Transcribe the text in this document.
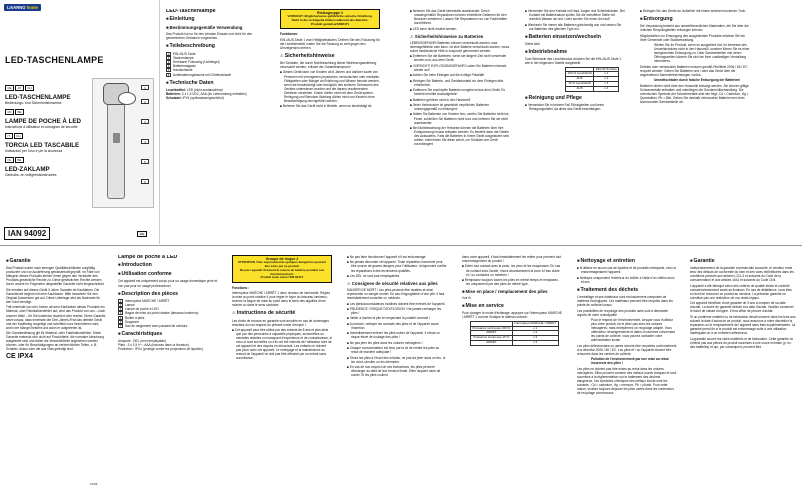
LIVARNO home
LED-TASCHENLAMPE
DE AT CH
LED-TASCHENLAMPE
Bedienungs- und Sicherheitshinweise
FR BE
LAMPE DE POCHE À LED
Instructions d'utilisation et consignes de sécurité
IT CH
TORCIA LED TASCABILE
Indicazioni per l'uso e per la sicurezza
NL BE
LED-ZAKLAMP
Gebruiks- en veiligheidsinstructies
1
2
3
4
5
6
IAN 94092	DE
LED-Taschenlampe
■Einleitung
■Bestimmungsgemäße Verwendung

Das Produkt ist nur für den privaten Einsatz und nicht für den gewerblichen Gebrauch vorgesehen.

■Teilebeschreibung
1 EIN-/AUS-Taste
2 Taschenlampe
3 Drehbarer Fokusring (Lichtkegel)
4 Batteriemagazin
5 Handschlaufe
6 Aufbewahrungstasche mit Gürtelschlaufe
■Technische Daten
Leuchtmittel: LED (nicht austauschbar)
Batterien: 3 x 1,5 VDC, AAA (im Lieferumfang enthalten)
Schutzart: IPX4 (spritzwassergeschützt)
Risikogruppe 2
VORSICHT: Möglicherweise gefährliche optische Strahlung.
Nicht in die Lichtquelle blicken während des Betriebs.
Produkt gemäß prEN62471

Funktionen:

EIN-/AUS-Taste 1 zwei Helligkeitsstufen. Drehen Sie den Fokusring für die Lichtintensität, indem Sie die Fassung so weit gegen den Uhrzeigersinn drehen.

⚠Sicherheitshinweise

Bei Schäden, die durch Nichtbeachtung dieser Bedienungsanleitung verursacht werden, erlischt der Garantieanspruch!

■ Dieses Gerät kann von Kindern ab 8 Jahren und darüber sowie von Personen mit verringerten physischen, sensorischen oder mentalen Fähigkeiten oder Mangel an Erfahrung und Wissen benutzt werden, wenn sie beaufsichtigt oder bezüglich des sicheren Gebrauchs des Gerätes unterwiesen wurden und die daraus resultierenden Gefahren verstehen. Kinder dürfen nicht mit dem Gerät spielen. Reinigung und Benutzer-Wartung dürfen nicht von Kindern ohne Beaufsichtigung durchgeführt werden.

■ Nehmen Sie das Gerät nicht in Betrieb, wenn es beschädigt ist.

■ Nehmen Sie das Gerät keinesfalls auseinander. Durch unsachgemäße Reparaturen können erhebliche Gefahren für den Benutzer entstehen. Lassen Sie Reparaturen nur von Fachkräften durchführen.

■ LED kann nicht ersetzt werden.

⚠Sicherheitshinweise zu Batterien

LEBENSGEFAHR! Batterien können verschluckt werden, was lebensgefährlich sein kann. Ist eine Batterie verschluckt worden, muss sofort medizinische Hilfe in Anspruch genommen werden.

■ Entfernen Sie die Batterien, wenn sie längere Zeit nicht verwendet wurden und, aus dem Gerät.

■ VORSICHT! EXPLOSIONSGEFAHR! Laden Sie Batterien niemals wieder auf!

■ Achten Sie beim Einlegen auf die richtige Polarität!

■ Reinigen Sie Batterie- und Gerätekontakt vor dem Einlegen falls erforderlich.

■ Entfernen Sie erschöpfte Batterien umgehend aus dem Gerät. Es besteht erhöhte Auslaufgefahr!

■ Batterien gehören nicht in den Hausmüll!

■ Jeder Verbraucher ist gesetzlich verpflichtet, Batterien ordnungsgemäß zu entsorgen!

■ Halten Sie Batterien von Kindern fern, werfen Sie Batterien nicht ins Feuer, schließen Sie Batterien nicht kurz und nehmen Sie sie nicht auseinander.

■ Bei Nichtbeachtung der Hinweise können die Batterien über ihre Endspannung hinaus entladen werden. Es besteht dann die Gefahr des Auslaufens. Falls die Batterien in Ihrem Gerät ausgelaufen sein sollten, entnehmen Sie diese sofort, um Schäden am Gerät vorzubeugen!

■ Vermeiden Sie den Kontakt mit Haut, Augen und Schleimhäuten. Bei Kontakt mit Batteriesäure spülen Sie die betroffene Stelle mit reichlich Wasser ab und / oder suchen Sie einen Arzt auf!

■ Wechseln Sie immer alle Batterien gleichzeitig aus und setzen Sie nur Batterien des gleichen Typs ein.

■Batterien einsetzen/wechseln

Siehe Abb.

■Inbetriebnahme

Zum Wechseln des Leuchtmodus drücken Sie die EIN-/AUS-Taste 1 wie in der folgenden Tabelle dargestellt:

	EIN-/AUS-Taste
100 % Leuchtkraft	x 1
AUS	x 2
15 % Leuchtkraft	x 3
AUS	x 4
■Reinigung und Pflege

■ Verwenden Sie in keinem Fall Flüssigkeiten und keine Reinigungsmittel, da diese das Gerät beschädigen.

■ Reinigen Sie das Gerät nur äußerlich mit einem weichen trockenen Tuch.

■Entsorgung

Die Verpackung besteht aus umweltfreundlichen Materialien, die Sie über die örtlichen Recyclingstellen entsorgen können.

Möglichkeiten zur Entsorgung des ausgedienten Produkts erfahren Sie bei Ihrer Gemeinde oder Stadtverwaltung.

Werfen Sie Ihr Produkt, wenn es ausgedient hat, im Interesse des Umweltschutzes nicht in den Hausmüll, sondern führen Sie es einer fachgerechten Entsorgung zu. Über Sammelstellen und deren Öffnungszeiten können Sie sich bei Ihrer zuständigen Verwaltung informieren.

Defekte oder verbrauchte Batterien müssen gemäß Richtlinie 2006 / 66 / EC recycelt werden. Geben Sie Batterien und / oder das Gerät über die angebotenen Sammeleinrichtungen zurück.

Umweltschäden durch falsche Entsorgung der Batterien!

Batterien dürfen nicht über den Hausmüll entsorgt werden. Sie können giftige Schwermetalle enthalten und unterliegen der Sondermüllbehandlung. Die chemischen Symbole der Schwermetalle sind wie folgt: Cd = Cadmium, Hg = Quecksilber, Pb = Blei. Geben Sie deshalb verbrauchte Batterien bei einer kommunalen Sammelstelle ab.

■Garantie

Das Produkt wurde nach strengen Qualitätsrichtlinien sorgfältig produziert und vor Auslieferung gewissenhaft geprüft. Im Falle von Mängeln dieses Produkts stehen Ihnen gegen den Verkäufer des Produkts gesetzliche Rechte zu. Diese gesetzlichen Rechte werden durch unsere im Folgenden dargestellte Garantie nicht eingeschränkt.

Sie erhalten auf dieses Gerät 3 Jahre Garantie ab Kaufdatum. Die Garantiezeit beginnt mit dem Kaufdatum. Bitte bewahren Sie den Original-Kassenbon gut auf. Diese Unterlage wird als Nachweis für den Kauf benötigt.

Tritt innerhalb von drei Jahren ab dem Kaufdatum dieses Produkts ein Material- oder Fabrikationsfehler auf, wird das Produkt von uns – nach unserer Wahl – für Sie kostenlos repariert oder ersetzt. Diese Garantie setzt voraus, dass innerhalb der Drei-Jahres-Frist das defekte Gerät und der Kaufbeleg vorgelegt und schriftlich kurz beschrieben wird, worin der Mangel besteht und wann er aufgetreten ist.

Die Garantieleistung gilt für Material- oder Fabrikationsfehler. Diese Garantie erstreckt sich nicht auf Produktteile, die normaler Abnutzung ausgesetzt sind und daher als Verschleißteile angesehen werden können, oder für Beschädigungen an zerbrechlichen Teilen, z. B. Schalter, Akkus oder die aus Glas gefertigt sind.

CE IPX4

Lampe de poche à LED
■Introduction
■Utilisation conforme

Cet appareil est uniquement conçu pour un usage domestique privé et non pas pour un usage professionnel.

■Description des pièces
1 Interrupteur MARCHE / ARRÊT
2 Lampe
3 Lampe de poche à LED
4 Bague de mise au point rotative (faisceau lumineux)
5 Boîtier à piles
6 Dragonne
7 Sac de rangement avec passant de ceinture
■Caractéristiques
Ampoule : DEL (non remplaçable)
Piles : 3 x 1,5 V⎓, AAA (incluses dans la livraison)
Protection : IPX4 (protégé contre les projections de liquides)
Groupe de risque 2
ATTENTION ! Des rayonnements optiques dangereux peuvent être émis par ce produit.
Ne pas regarder fixement la source de lumière pendant son fonctionnement.
Produit testé selon l'EN 62471

Fonctions :

Interrupteur MARCHE / ARRÊT 1 deux niveaux de luminosité. Réglez la mise au point rotative 4 pour régler le foyer du faisceau lumineux, tournez la bague de mise au point dans le sens des aiguilles d'une montre ou dans le sens contraire.

⚠Instructions de sécurité

Les droits de recours en garantie sont annulés en cas de dommages résultant du non-respect du présent mode d'emploi !

■ Cet appareil peut être utilisé par des enfants de 8 ans et plus ainsi que par des personnes à capacités physiques, sensorielles ou mentales réduites ou manquant d'expérience et de connaissance, si ceux-ci sont surveillés ou s'ils ont été instruits de l'utilisation sûre de cet appareil et des risques en découlant. Les enfants ne doivent pas jouer avec cet appareil. Le nettoyage et la maintenance du ressort de l'appareil ne doit pas être effectué par un enfant sans surveillance.

■ Ne pas faire fonctionner l'appareil s'il est endommagé.

■ Ne jamais démonter cet appareil. Toute réparation incorrecte peut être source de graves dangers pour l'utilisateur. Uniquement confier les réparations à des techniciens qualifiés.

■ Les DEL ne sont pas remplaçables.

⚠Consignes de sécurité relatives aux piles

DANGER DE MORT ! Les piles peuvent être avalées et ainsi représenter un danger mortel. En cas d'ingurgitation d'une pile, il faut immédiatement consulter un médecin.

■ Les piles/accumulateurs inutilisés doivent être enlevés de l'appareil.

■ PRUDENCE ! RISQUE D'EXPLOSION ! Ne jamais recharger les piles !

■ Veiller à insérer la pile en respectant la polarité correcte !

■ Au besoin, nettoyer les contacts des piles et de l'appareil avant l'insertion.

■ Immédiatement enlever les piles usées de l'appareil. Il existe un risque élevé de coulage des piles !

■ Ne pas jeter les piles dans les ordures ménagères !

■ Chaque consommateur est tenu par la loi de mettre les piles au rebut de manière adéquate !

■ Tenez les piles à l'écart des enfants, ne pas les jeter dans un feu, ni les court-circuiter ou les démonter.

■ En cas de non-respect de ces instructions, les piles peuvent décharger au-delà de leur tension finale. Elles risquent alors de couler. Si les piles coulent

dans votre appareil, il faut immédiatement les retirer pour prévenir tout endommagement du produit !

■ Éviter tout contact avec la peau, les yeux et les muqueuses. En cas de contact avec l'acide, rincez abondamment la zone à l'eau claire et / ou contactez un médecin !

■ Remplacez toujours toutes les piles en même temps et remplacez-les uniquement par des piles de même type.

■Mise en place / remplacement des piles

Voir ill.

■Mise en service

Pour changer le mode d'éclairage, appuyez sur l'interrupteur MARCHE / ARRÊT 1 comme l'indique le tableau suivant :

	Interrupteur MARCHE / ARRÊT
Puissance lumineuse 100 %	x 1
ARRÊT	x 2
Puissance lumineuse 15 %	x 3
ARRÊT	x 4
■Nettoyage et entretien

■ N'utilisez en aucun cas de liquides et de produits nettoyants, ceux-ci endommageraient l'appareil.

■ Nettoyez uniquement l'extérieur du boîtier à l'aide d'un chiffon doux et sec.

■Traitement des déchets

L'emballage et ses matériaux sont exclusivement composés de matières écologiques. Les matériaux peuvent être recyclés dans les points de collecte locaux.

Les possibilités de recyclage des produits usés sont à demander auprès de votre municipalité.

Pour le respect de l'environnement, lorsque vous n'utilisez plus votre produit, ne le jetez pas avec les ordures ménagères, mais entreprenez un recyclage adapté. Vous obtiendrez renseignements et dates d'ouverture concernant les points de collecte, vous pouvez contacter votre administration locale.

Les piles défectueuses ou usées doivent être recyclées conformément à la directive 2006 / 66 / EC. Les piles et / ou l'appareil doivent être retournés dans les centres de collecte.

Pollution de l'environnement par une mise au rebut incorrecte des piles !

Les piles ne doivent pas être mises au rebut dans les ordures ménagères. Elles peuvent contenir des métaux lourds toxiques et sont soumises à la réglementation sur le traitement des déchets dangereux. Les symboles chimiques des métaux lourds sont les suivants : Cd = cadmium, Hg = mercure, Pb = plomb. Pour cette raison, veuillez toujours déposer les piles usées dans les conteneurs de recyclage communaux.

■Garantie

Indépendamment de la garantie commerciale souscrite, le vendeur reste tenu des défauts de conformité du bien et des vices rédhibitoires dans les conditions prévues aux articles L211-4 et suivants du Code de la consommation et aux articles 1641 et suivants du Code Civil.

L'appareil a été fabriqué selon des critères de qualité stricts et contrôlé consciencieusement avant sa livraison. En cas de défaillance, vous êtes en droit de retourner ce produit au vendeur. La présente garantie ne constitue pas une restriction de vos droits légaux.

Cet appareil bénéficie d'une garantie de 3 ans à compter de sa date d'achat. La durée de garantie débute à la date d'achat. Veuillez conserver le ticket de caisse d'origine. Il fera office de preuve d'achat.

Si un problème matériel ou de fabrication devait survenir dans les trois ans suivant la date d'achat de ce produit, nous assurons à notre discrétion la réparation ou le remplacement de l'appareil sans frais supplémentaires. La garantie prend fin si le produit est endommagé suite à une utilisation inadéquate ou à un entretien défectueux.

La garantie couvre les vices matériels et de fabrication. Cette garantie ne s'étend pas aux pièces du produit soumises à une usure normale (p. ex. des batteries) et qui, par conséquent, peuvent être

FR/BE
